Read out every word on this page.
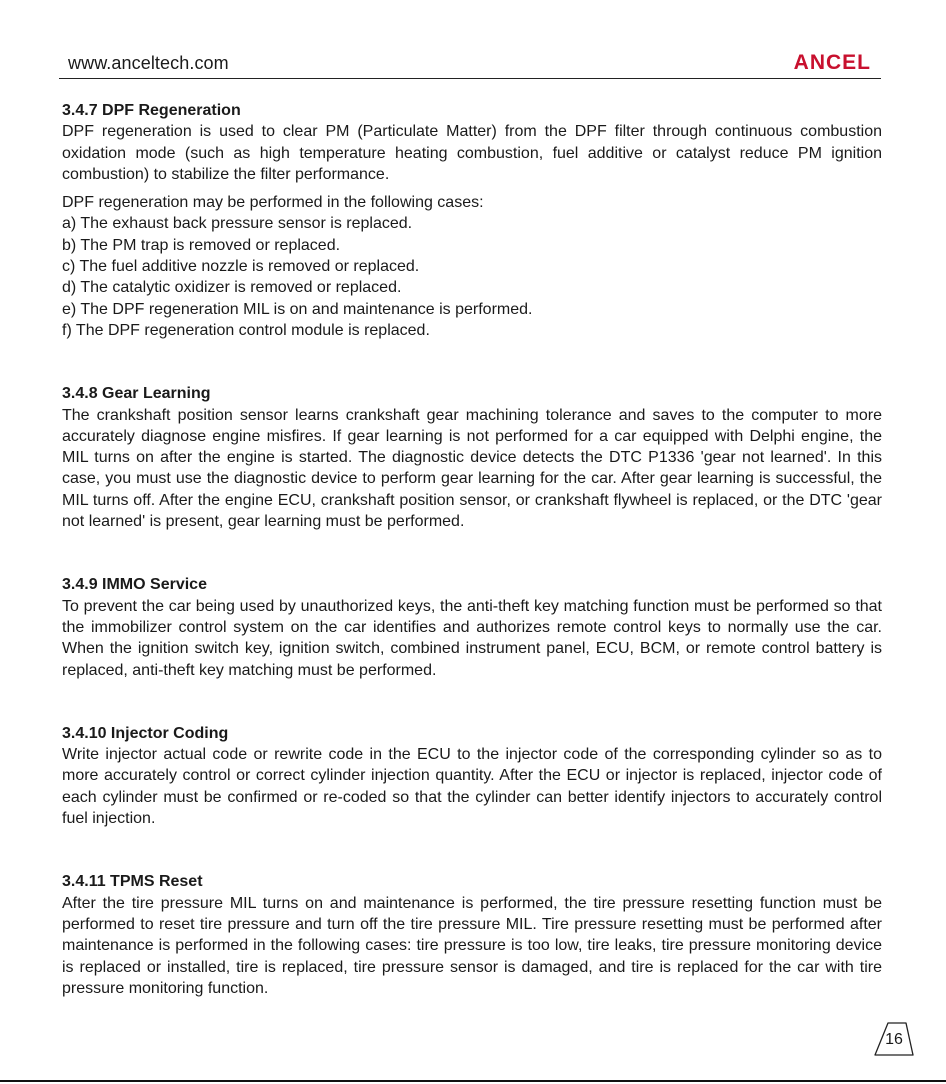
www.anceltech.com	ANCEL
3.4.7 DPF Regeneration

DPF regeneration is used to clear PM (Particulate Matter) from the DPF filter through continuous combustion oxidation mode (such as high temperature heating combustion, fuel additive or catalyst reduce PM ignition combustion) to stabilize the filter performance.

DPF regeneration may be performed in the following cases:

a) The exhaust back pressure sensor is replaced.
b) The PM trap is removed or replaced.
c) The fuel additive nozzle is removed or replaced.
d) The catalytic oxidizer is removed or replaced.
e) The DPF regeneration MIL is on and maintenance is performed.
f) The DPF regeneration control module is replaced.
3.4.8 Gear Learning

The crankshaft position sensor learns crankshaft gear machining tolerance and saves to the computer to more accurately diagnose engine misfires. If gear learning is not performed for a car equipped with Delphi engine, the MIL turns on after the engine is started. The diagnostic device detects the DTC P1336 'gear not learned'. In this case, you must use the diagnostic device to perform gear learning for the car. After gear learning is successful, the MIL turns off. After the engine ECU, crankshaft position sensor, or crankshaft flywheel is replaced, or the DTC 'gear not learned' is present, gear learning must be performed.

3.4.9 IMMO Service

To prevent the car being used by unauthorized keys, the anti-theft key matching function must be performed so that the immobilizer control system on the car identifies and authorizes remote control keys to normally use the car. When the ignition switch key, ignition switch, combined instrument panel, ECU, BCM, or remote control battery is replaced, anti-theft key matching must be performed.

3.4.10 Injector Coding

Write injector actual code or rewrite code in the ECU to the injector code of the corresponding cylinder so as to more accurately control or correct cylinder injection quantity. After the ECU or injector is replaced, injector code of each cylinder must be confirmed or re-coded so that the cylinder can better identify injectors to accurately control fuel injection.

3.4.11 TPMS Reset

After the tire pressure MIL turns on and maintenance is performed, the tire pressure resetting function must be performed to reset tire pressure and turn off the tire pressure MIL. Tire pressure resetting must be performed after maintenance is performed in the following cases: tire pressure is too low, tire leaks, tire pressure monitoring device is replaced or installed, tire is replaced, tire pressure sensor is damaged, and tire is replaced for the car with tire pressure monitoring function.

16
